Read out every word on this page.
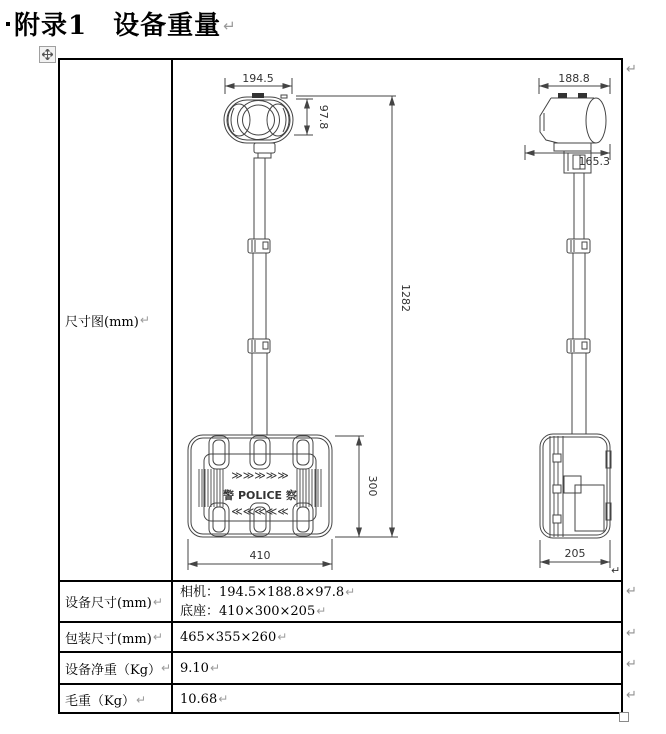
附录1 设备重量 ↵
尺寸图(mm) ↵
194.5
97.8
1282
300
410
188.8
165.3
205
≫≫≫≫≫
警 POLICE 察
≪≪≪≪≪
↵
设备尺寸(mm) ↵
相机：194.5×188.8×97.8↵
底座：410×300×205↵
包装尺寸(mm) ↵ 465×355×260↵
设备净重（Kg） ↵ 9.10↵
毛重（Kg） ↵	10.68↵
↵
↵
↵
↵
↵
